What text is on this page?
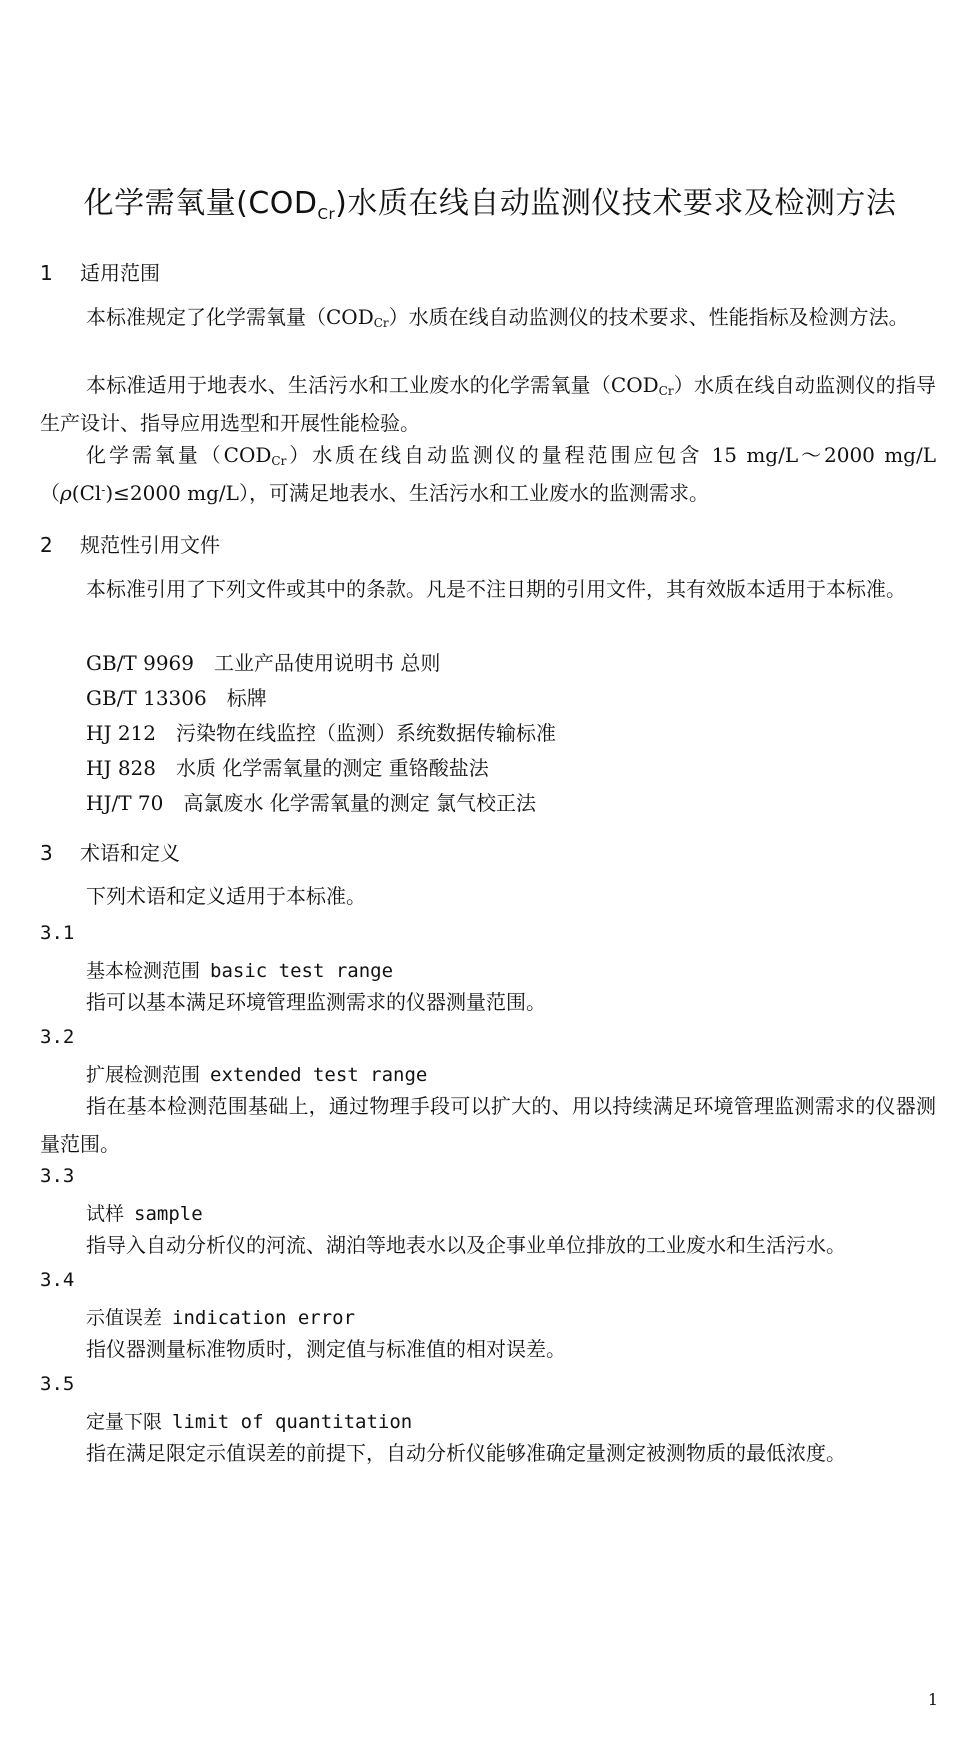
化学需氧量$(COD_{Cr})$水质在线自动监测仪技术要求及检测方法
1 适用范围
本标准规定了化学需氧量$(COD_{Cr})$水质在线自动监测仪的技术要求、性能指标及检测方法。
本标准适用于地表水、生活污水和工业废水的化学需氧量$(COD_{Cr})$水质在线自动监测仪的指导生产设计、指导应用选型和开展性能检验。
化学需氧量$(COD_{Cr})$水质在线自动监测仪的量程范围应包含 15 mg/L～2000 mg/L（ρ(Cl-)≤2000 mg/L），可满足地表水、生活污水和工业废水的监测需求。
2 规范性引用文件
本标准引用了下列文件或其中的条款。凡是不注日期的引用文件，其有效版本适用于本标准。
GB/T 9969 工业产品使用说明书 总则
GB/T 13306 标牌
HJ 212 污染物在线监控（监测）系统数据传输标准
HJ 828 水质 化学需氧量的测定 重铬酸盐法
HJ/T 70 高氯废水 化学需氧量的测定 氯气校正法
3 术语和定义
下列术语和定义适用于本标准。
3.1
基本检测范围 basic test range
指可以基本满足环境管理监测需求的仪器测量范围。
3.2
扩展检测范围 extended test range
指在基本检测范围基础上，通过物理手段可以扩大的、用以持续满足环境管理监测需求的仪器测量范围。
3.3
试样 sample
指导入自动分析仪的河流、湖泊等地表水以及企事业单位排放的工业废水和生活污水。
3.4
示值误差 indication error
指仪器测量标准物质时，测定值与标准值的相对误差。
3.5
定量下限 limit of quantitation
指在满足限定示值误差的前提下，自动分析仪能够准确定量测定被测物质的最低浓度。
1
